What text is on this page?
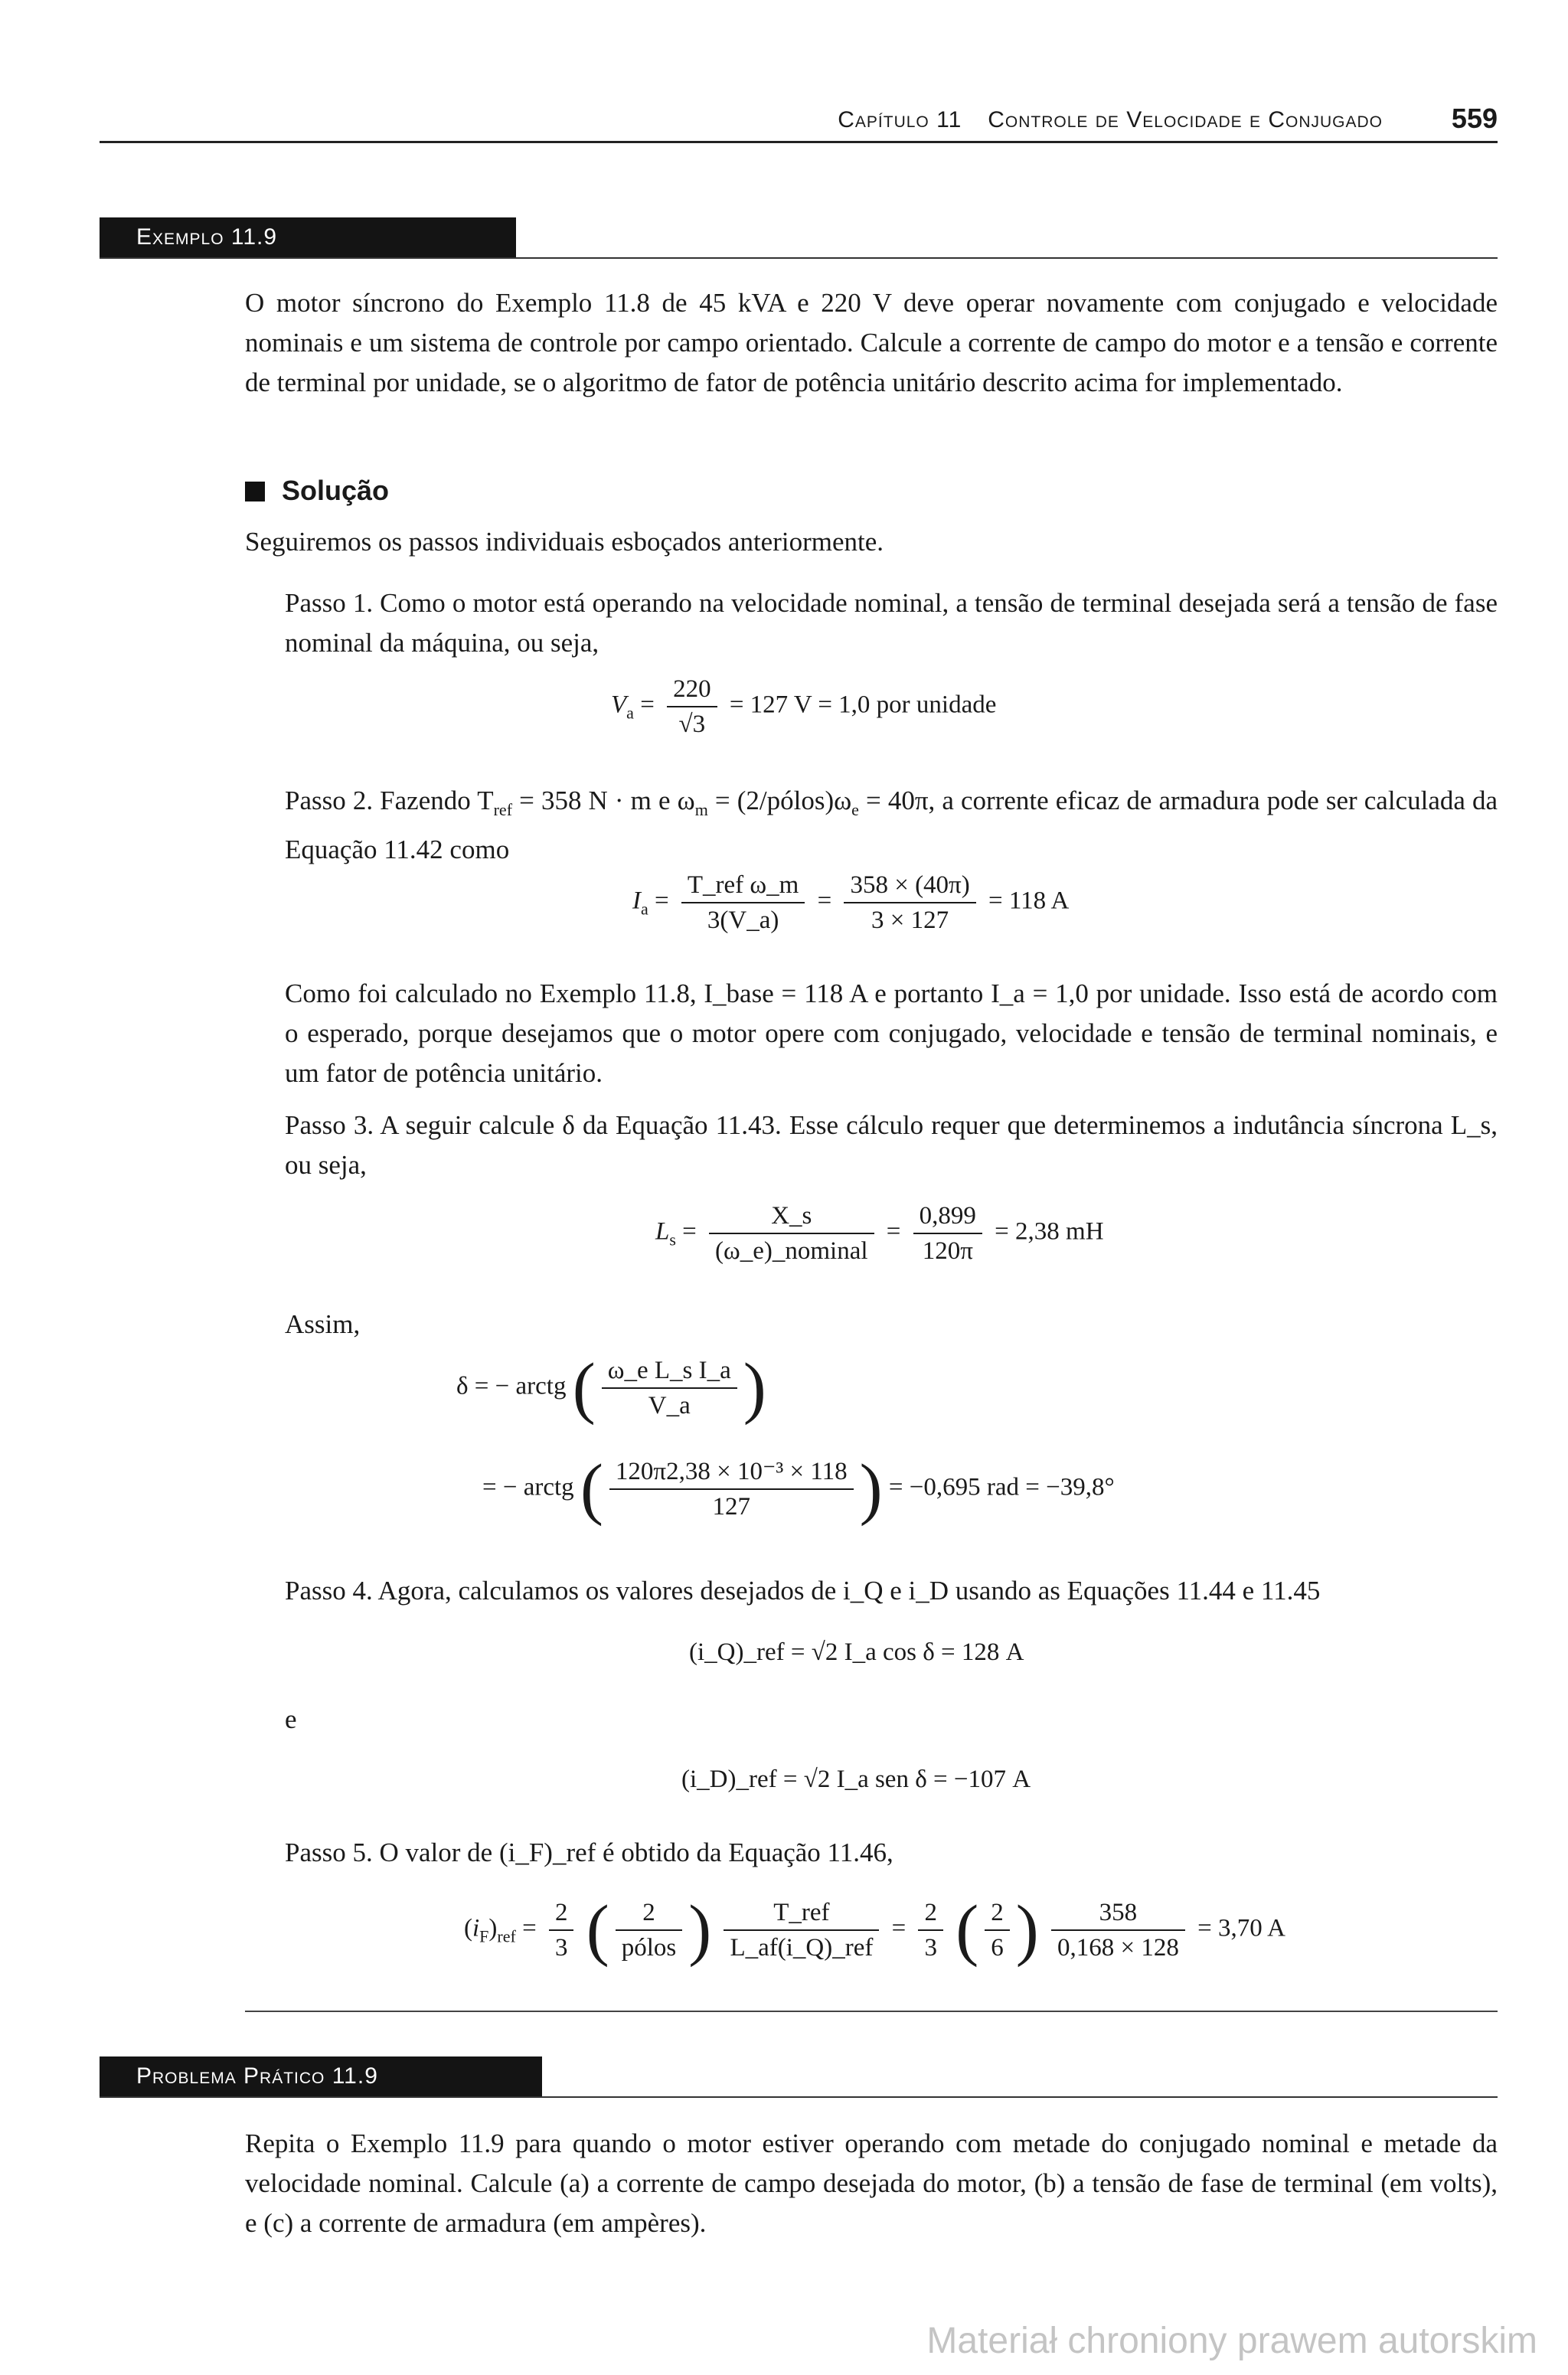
Capítulo 11 Controle de Velocidade e Conjugado 559
Exemplo 11.9

O motor síncrono do Exemplo 11.8 de 45 kVA e 220 V deve operar novamente com conjugado e velocidade nominais e um sistema de controle por campo orientado. Calcule a corrente de campo do motor e a tensão e corrente de terminal por unidade, se o algoritmo de fator de potência unitário descrito acima for implementado.

Solução
Seguiremos os passos individuais esboçados anteriormente.

Passo 1. Como o motor está operando na velocidade nominal, a tensão de terminal desejada será a tensão de fase nominal da máquina, ou seja,

$V_a = \frac{220}{√3} = 127$ V = 1,0 por unidade

Passo 2. Fazendo $T_{ref} = 358$ N · m e $\omega_m$ = $(2/pólos)\omega_e = 40\pi$, a corrente eficaz de armadura pode ser calculada da Equação 11.42 como

$I_a = \frac{\text{T\_ref ω\_m}}{3(V\_a)} = \frac{358 \times (40\pi)}{3 \times 127} = 118$ A

Como foi calculado no Exemplo 11.8, I_base = 118 A e portanto I_a = 1,0 por unidade. Isso está de acordo com o esperado, porque desejamos que o motor opere com conjugado, velocidade e tensão de terminal nominais, e um fator de potência unitário.

Passo 3. A seguir calcule δ da Equação 11.43. Esse cálculo requer que determinemos a indutância síncrona L_s, ou seja,

$L_s = \frac{X\_s}{\text{(ω\_e)\_nominal}} = \frac{0,899}{120\pi} = 2,38$ mH
Assim,
δ = − arctg ( $\frac{\text{ω\_e L\_s I\_a}}{V\_a}$ )
= − arctg ( $\frac{\text{120π2,38 × 10⁻³ × 118}}{127}$ ) = −0,695 rad = −39,8°

Passo 4. Agora, calculamos os valores desejados de i_Q e i_D usando as Equações 11.44 e 11.45

(i_Q)_ref = √2 I_a cos δ = 128 A
e
(i_D)_ref = √2 I_a sen δ = −107 A
Passo 5. O valor de (i_F)_ref é obtido da Equação 11.46,
$(i_F)_{ref} = \frac{2}{3}$ ( $\frac{2}{\text{pólos}}$ ) $\frac{\text{T\_ref}}{\text{L\_af(i\_Q)\_ref}} = \frac{2}{3}$ ( $\frac{2}{6}$ ) $\frac{358}{0,168 \times 128} = 3,70$ A
Problema Prático 11.9

Repita o Exemplo 11.9 para quando o motor estiver operando com metade do conjugado nominal e metade da velocidade nominal. Calcule (a) a corrente de campo desejada do motor, (b) a tensão de fase de terminal (em volts), e (c) a corrente de armadura (em ampères).

Materiał chroniony prawem autorskim
